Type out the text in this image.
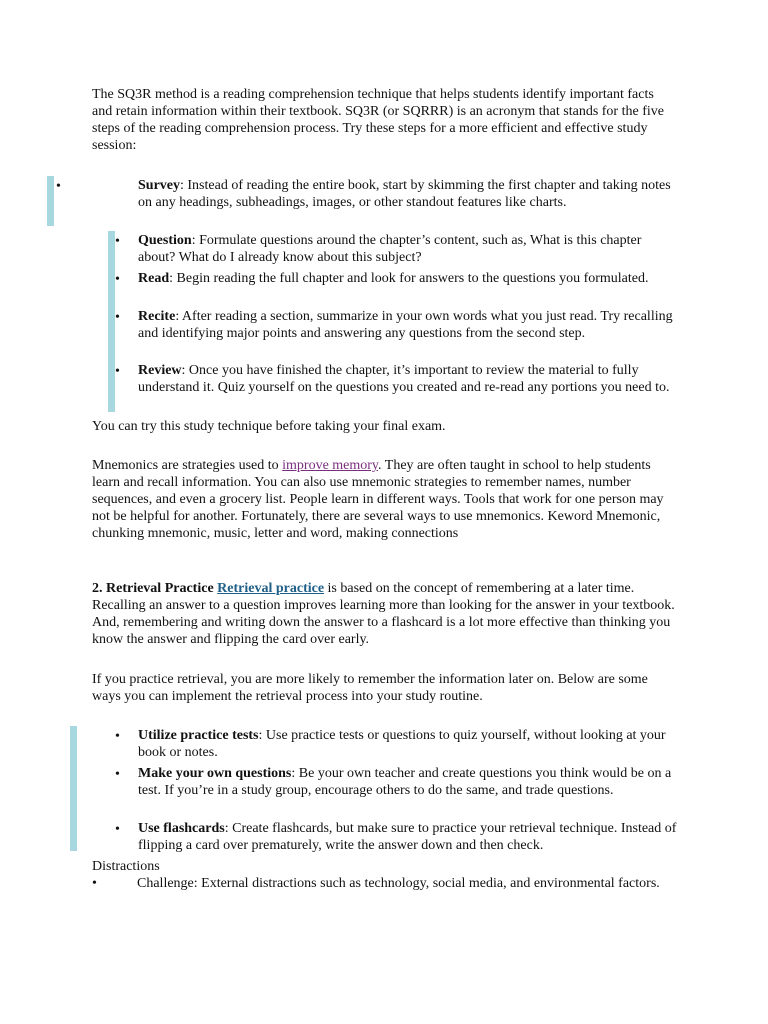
The SQ3R method is a reading comprehension technique that helps students identify important facts and retain information within their textbook. SQ3R (or SQRRR) is an acronym that stands for the five steps of the reading comprehension process. Try these steps for a more efficient and effective study session:

•	Survey: Instead of reading the entire book, start by skimming the first chapter and taking notes on any headings, subheadings, images, or other standout features like charts.

• Question: Formulate questions around the chapter’s content, such as, What is this chapter about? What do I already know about this subject?

• Read: Begin reading the full chapter and look for answers to the questions you formulated.

• Recite: After reading a section, summarize in your own words what you just read. Try recalling and identifying major points and answering any questions from the second step.

• Review: Once you have finished the chapter, it’s important to review the material to fully understand it. Quiz yourself on the questions you created and re-read any portions you need to.

You can try this study technique before taking your final exam.

Mnemonics are strategies used to improve memory. They are often taught in school to help students learn and recall information. You can also use mnemonic strategies to remember names, number sequences, and even a grocery list. People learn in different ways. Tools that work for one person may not be helpful for another. Fortunately, there are several ways to use mnemonics. Keword Mnemonic, chunking mnemonic, music, letter and word, making connections

2. Retrieval Practice Retrieval practice is based on the concept of remembering at a later time. Recalling an answer to a question improves learning more than looking for the answer in your textbook. And, remembering and writing down the answer to a flashcard is a lot more effective than thinking you know the answer and flipping the card over early.

If you practice retrieval, you are more likely to remember the information later on. Below are some ways you can implement the retrieval process into your study routine.

• Utilize practice tests: Use practice tests or questions to quiz yourself, without looking at your book or notes.

• Make your own questions: Be your own teacher and create questions you think would be on a test. If you’re in a study group, encourage others to do the same, and trade questions.

• Use flashcards: Create flashcards, but make sure to practice your retrieval technique. Instead of flipping a card over prematurely, write the answer down and then check.

Distractions

•	Challenge: External distractions such as technology, social media, and environmental factors.
